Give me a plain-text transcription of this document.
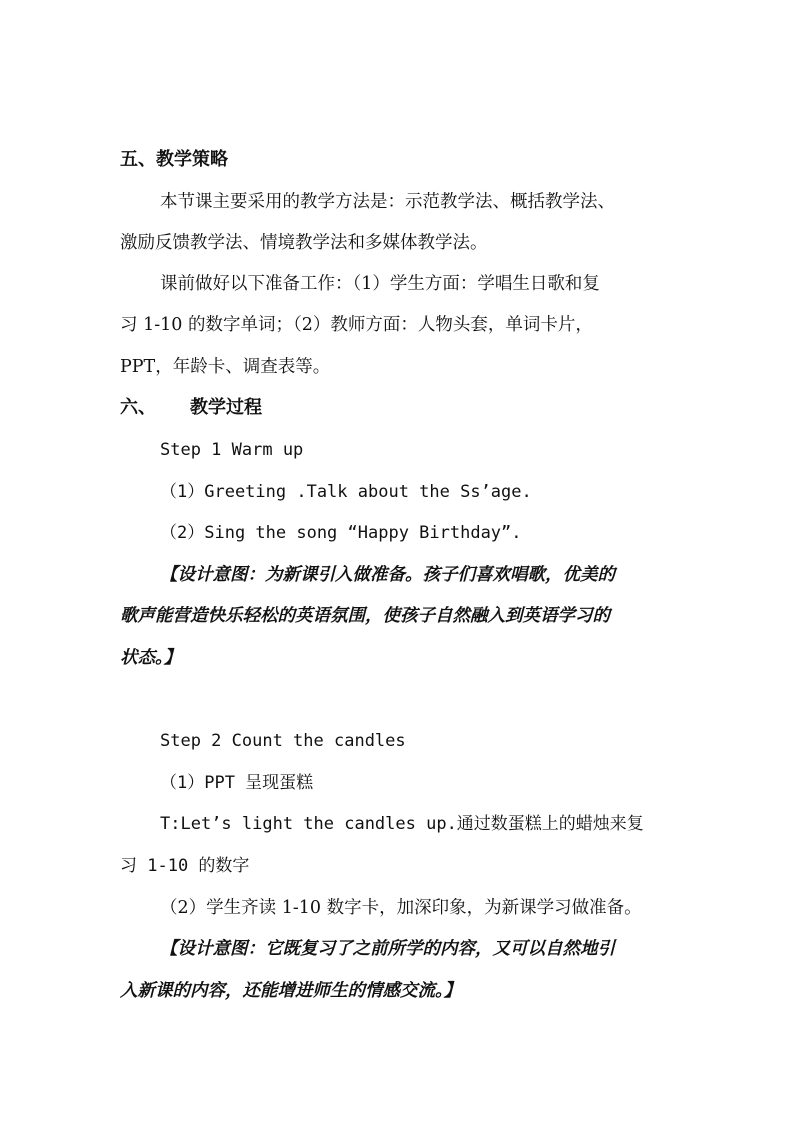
五、教学策略
本节课主要采用的教学方法是：示范教学法、概括教学法、
激励反馈教学法、情境教学法和多媒体教学法。
课前做好以下准备工作：（1）学生方面：学唱生日歌和复
习 1-10 的数字单词；（2）教师方面：人物头套，单词卡片，
PPT，年龄卡、调查表等。
六、 教学过程
Step 1 Warm up
（1）Greeting .Talk about the Ss’age.
（2）Sing the song “Happy Birthday”.
【设计意图：为新课引入做准备。孩子们喜欢唱歌，优美的
歌声能营造快乐轻松的英语氛围，使孩子自然融入到英语学习的
状态。】
Step 2 Count the candles
（1）PPT 呈现蛋糕
T:Let’s light the candles up.通过数蛋糕上的蜡烛来复
习 1-10 的数字
（2）学生齐读 1-10 数字卡，加深印象，为新课学习做准备。
【设计意图：它既复习了之前所学的内容，又可以自然地引
入新课的内容，还能增进师生的情感交流。】
